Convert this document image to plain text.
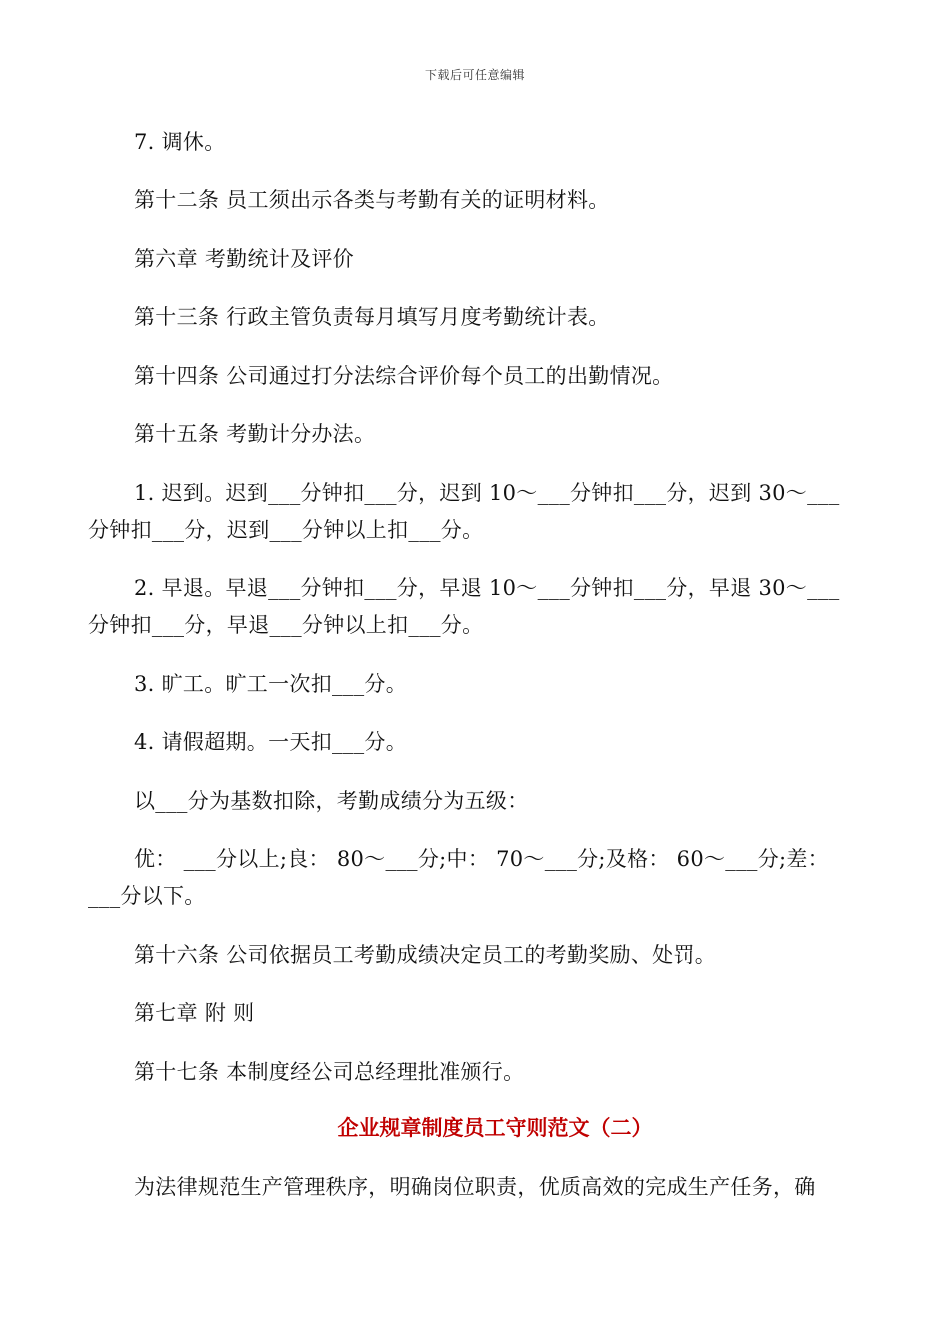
下载后可任意编辑
7. 调休。
第十二条 员工须出示各类与考勤有关的证明材料。
第六章 考勤统计及评价
第十三条 行政主管负责每月填写月度考勤统计表。
第十四条 公司通过打分法综合评价每个员工的出勤情况。
第十五条 考勤计分办法。
1. 迟到。迟到___分钟扣___分，迟到 10～___分钟扣___分，迟到 30～___
分钟扣___分，迟到___分钟以上扣___分。
2. 早退。早退___分钟扣___分，早退 10～___分钟扣___分，早退 30～___
分钟扣___分，早退___分钟以上扣___分。
3. 旷工。旷工一次扣___分。
4. 请假超期。一天扣___分。
以___分为基数扣除，考勤成绩分为五级：
优： ___分以上;良： 80～___分;中： 70～___分;及格： 60～___分;差：
___分以下。
第十六条 公司依据员工考勤成绩决定员工的考勤奖励、处罚。
第七章 附 则
第十七条 本制度经公司总经理批准颁行。
企业规章制度员工守则范文（二）
为法律规范生产管理秩序，明确岗位职责，优质高效的完成生产任务，确
